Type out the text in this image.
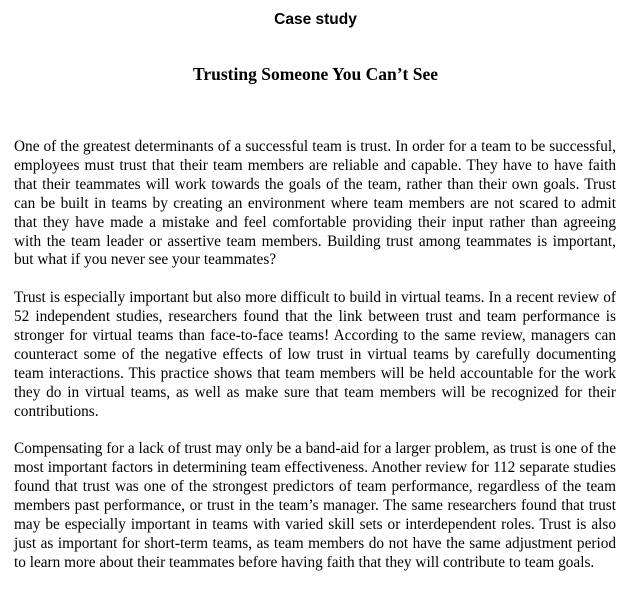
Case study
Trusting Someone You Can’t See

One of the greatest determinants of a successful team is trust. In order for a team to be successful, employees must trust that their team members are reliable and capable. They have to have faith that their teammates will work towards the goals of the team, rather than their own goals. Trust can be built in teams by creating an environment where team members are not scared to admit that they have made a mistake and feel comfortable providing their input rather than agreeing with the team leader or assertive team members. Building trust among teammates is important, but what if you never see your teammates?

Trust is especially important but also more difficult to build in virtual teams. In a recent review of 52 independent studies, researchers found that the link between trust and team performance is stronger for virtual teams than face-to-face teams! According to the same review, managers can counteract some of the negative effects of low trust in virtual teams by carefully documenting team interactions. This practice shows that team members will be held accountable for the work they do in virtual teams, as well as make sure that team members will be recognized for their contributions.

Compensating for a lack of trust may only be a band-aid for a larger problem, as trust is one of the most important factors in determining team effectiveness. Another review for 112 separate studies found that trust was one of the strongest predictors of team performance, regardless of the team members past performance, or trust in the team’s manager. The same researchers found that trust may be especially important in teams with varied skill sets or interdependent roles. Trust is also just as important for short-term teams, as team members do not have the same adjustment period to learn more about their teammates before having faith that they will contribute to team goals.
